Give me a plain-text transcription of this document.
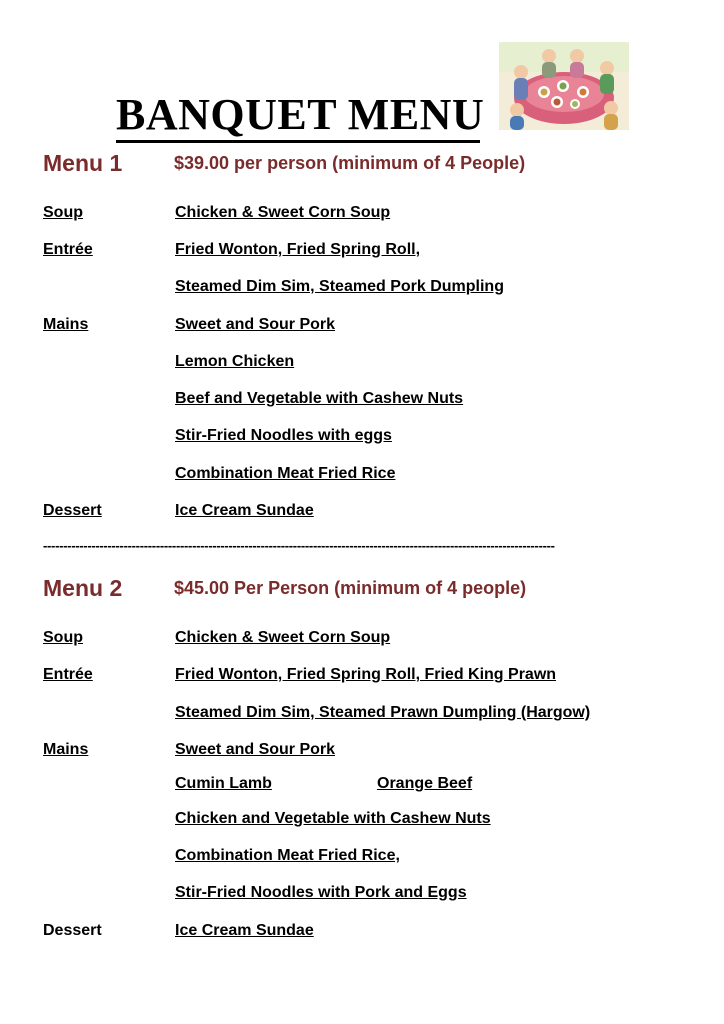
BANQUET MENU
Menu 1	$39.00 per person (minimum of 4 People)
Soup	Chicken & Sweet Corn Soup
Entrée	Fried Wonton, Fried Spring Roll,
Steamed Dim Sim, Steamed Pork Dumpling
Mains	Sweet and Sour Pork
Lemon Chicken
Beef and Vegetable with Cashew Nuts
Stir-Fried Noodles with eggs
Combination Meat Fried Rice
Dessert	Ice Cream Sundae
-------------------------------------------------------------------------------------------------------------------------------
Menu 2	$45.00 Per Person (minimum of 4 people)
Soup	Chicken & Sweet Corn Soup
Entrée	Fried Wonton, Fried Spring Roll, Fried King Prawn
Steamed Dim Sim, Steamed Prawn Dumpling (Hargow)
Mains	Sweet and Sour Pork
Cumin Lamb	Orange Beef
Chicken and Vegetable with Cashew Nuts
Combination Meat Fried Rice,
Stir-Fried Noodles with Pork and Eggs
Dessert	Ice Cream Sundae
